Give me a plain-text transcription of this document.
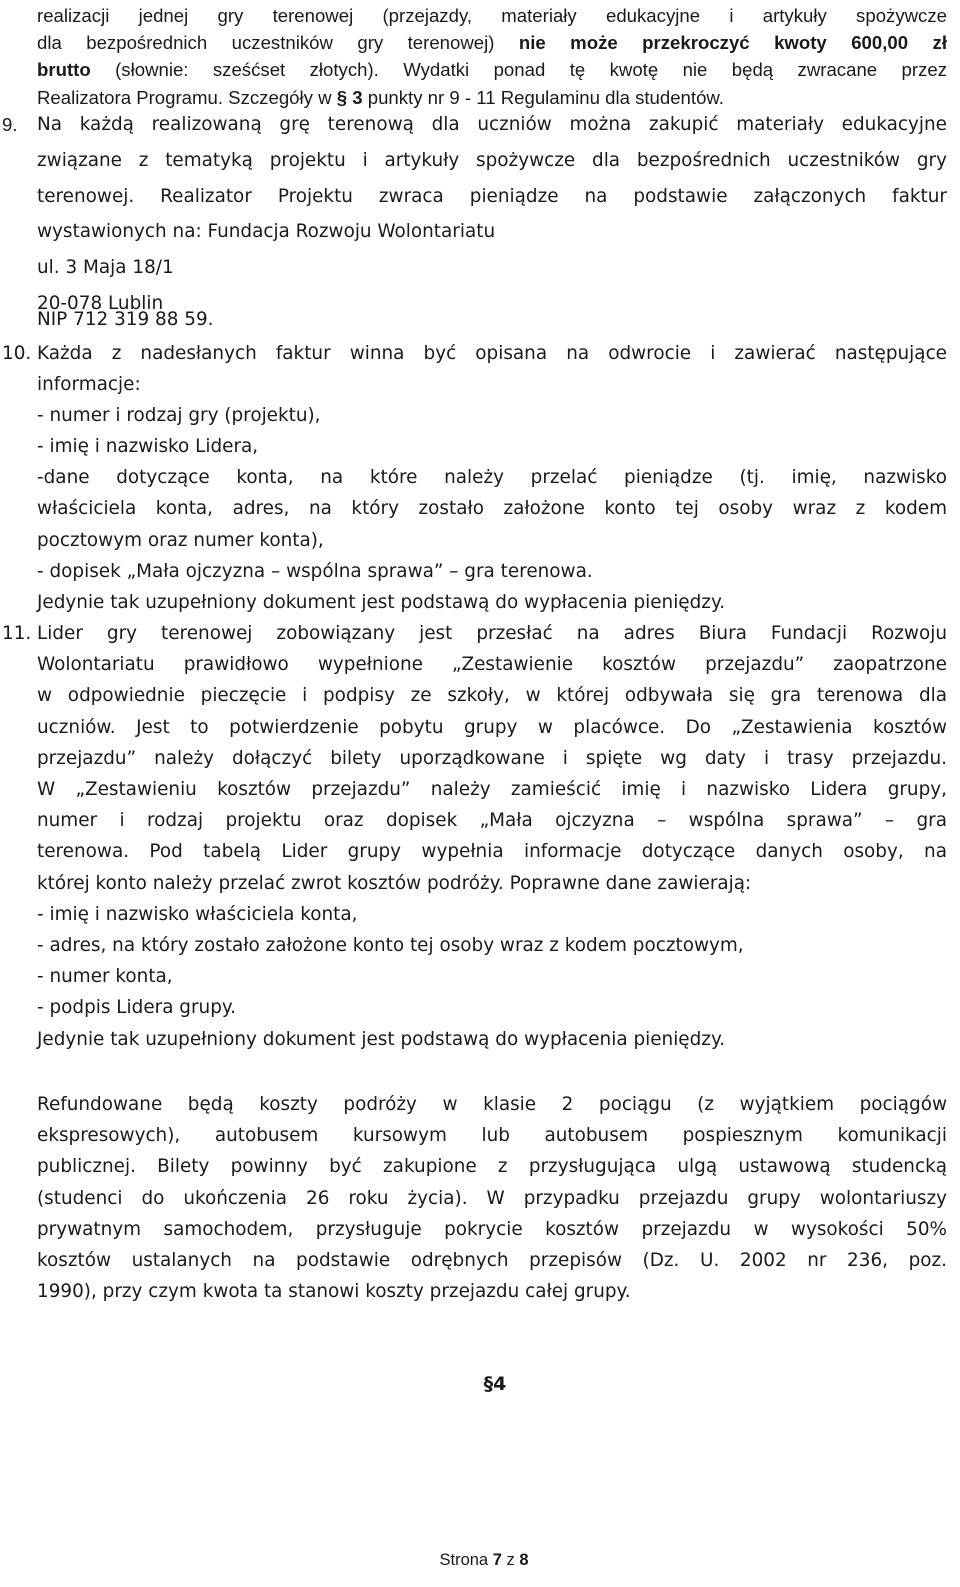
realizacji jednej gry terenowej (przejazdy, materiały edukacyjne i artykuły spożywcze
dla bezpośrednich uczestników gry terenowej) nie może przekroczyć kwoty 600,00 zł
brutto (słownie: sześćset złotych). Wydatki ponad tę kwotę nie będą zwracane przez
Realizatora Programu. Szczegóły w § 3 punkty nr 9 - 11 Regulaminu dla studentów.
9. Na każdą realizowaną grę terenową dla uczniów można zakupić materiały edukacyjne
związane z tematyką projektu i artykuły spożywcze dla bezpośrednich uczestników gry
terenowej. Realizator Projektu zwraca pieniądze na podstawie załączonych faktur
wystawionych na: Fundacja Rozwoju Wolontariatu
ul. 3 Maja 18/1
20-078 Lublin
NIP 712 319 88 59.
10. Każda z nadesłanych faktur winna być opisana na odwrocie i zawierać następujące
informacje:
- numer i rodzaj gry (projektu),
- imię i nazwisko Lidera,
-dane dotyczące konta, na które należy przelać pieniądze (tj. imię, nazwisko
właściciela konta, adres, na który zostało założone konto tej osoby wraz z kodem
pocztowym oraz numer konta),
- dopisek „Mała ojczyzna – wspólna sprawa” – gra terenowa.
Jedynie tak uzupełniony dokument jest podstawą do wypłacenia pieniędzy.
11. Lider gry terenowej zobowiązany jest przesłać na adres Biura Fundacji Rozwoju
Wolontariatu prawidłowo wypełnione „Zestawienie kosztów przejazdu” zaopatrzone
w odpowiednie pieczęcie i podpisy ze szkoły, w której odbywała się gra terenowa dla
uczniów. Jest to potwierdzenie pobytu grupy w placówce. Do „Zestawienia kosztów
przejazdu” należy dołączyć bilety uporządkowane i spięte wg daty i trasy przejazdu.
W „Zestawieniu kosztów przejazdu” należy zamieścić imię i nazwisko Lidera grupy,
numer i rodzaj projektu oraz dopisek „Mała ojczyzna – wspólna sprawa” – gra
terenowa. Pod tabelą Lider grupy wypełnia informacje dotyczące danych osoby, na
której konto należy przelać zwrot kosztów podróży. Poprawne dane zawierają:
- imię i nazwisko właściciela konta,
- adres, na który zostało założone konto tej osoby wraz z kodem pocztowym,
- numer konta,
- podpis Lidera grupy.
Jedynie tak uzupełniony dokument jest podstawą do wypłacenia pieniędzy.
Refundowane będą koszty podróży w klasie 2 pociągu (z wyjątkiem pociągów
ekspresowych), autobusem kursowym lub autobusem pospiesznym komunikacji
publicznej. Bilety powinny być zakupione z przysługująca ulgą ustawową studencką
(studenci do ukończenia 26 roku życia). W przypadku przejazdu grupy wolontariuszy
prywatnym samochodem, przysługuje pokrycie kosztów przejazdu w wysokości 50%
kosztów ustalanych na podstawie odrębnych przepisów (Dz. U. 2002 nr 236, poz.
1990), przy czym kwota ta stanowi koszty przejazdu całej grupy.
§4
Strona 7 z 8
